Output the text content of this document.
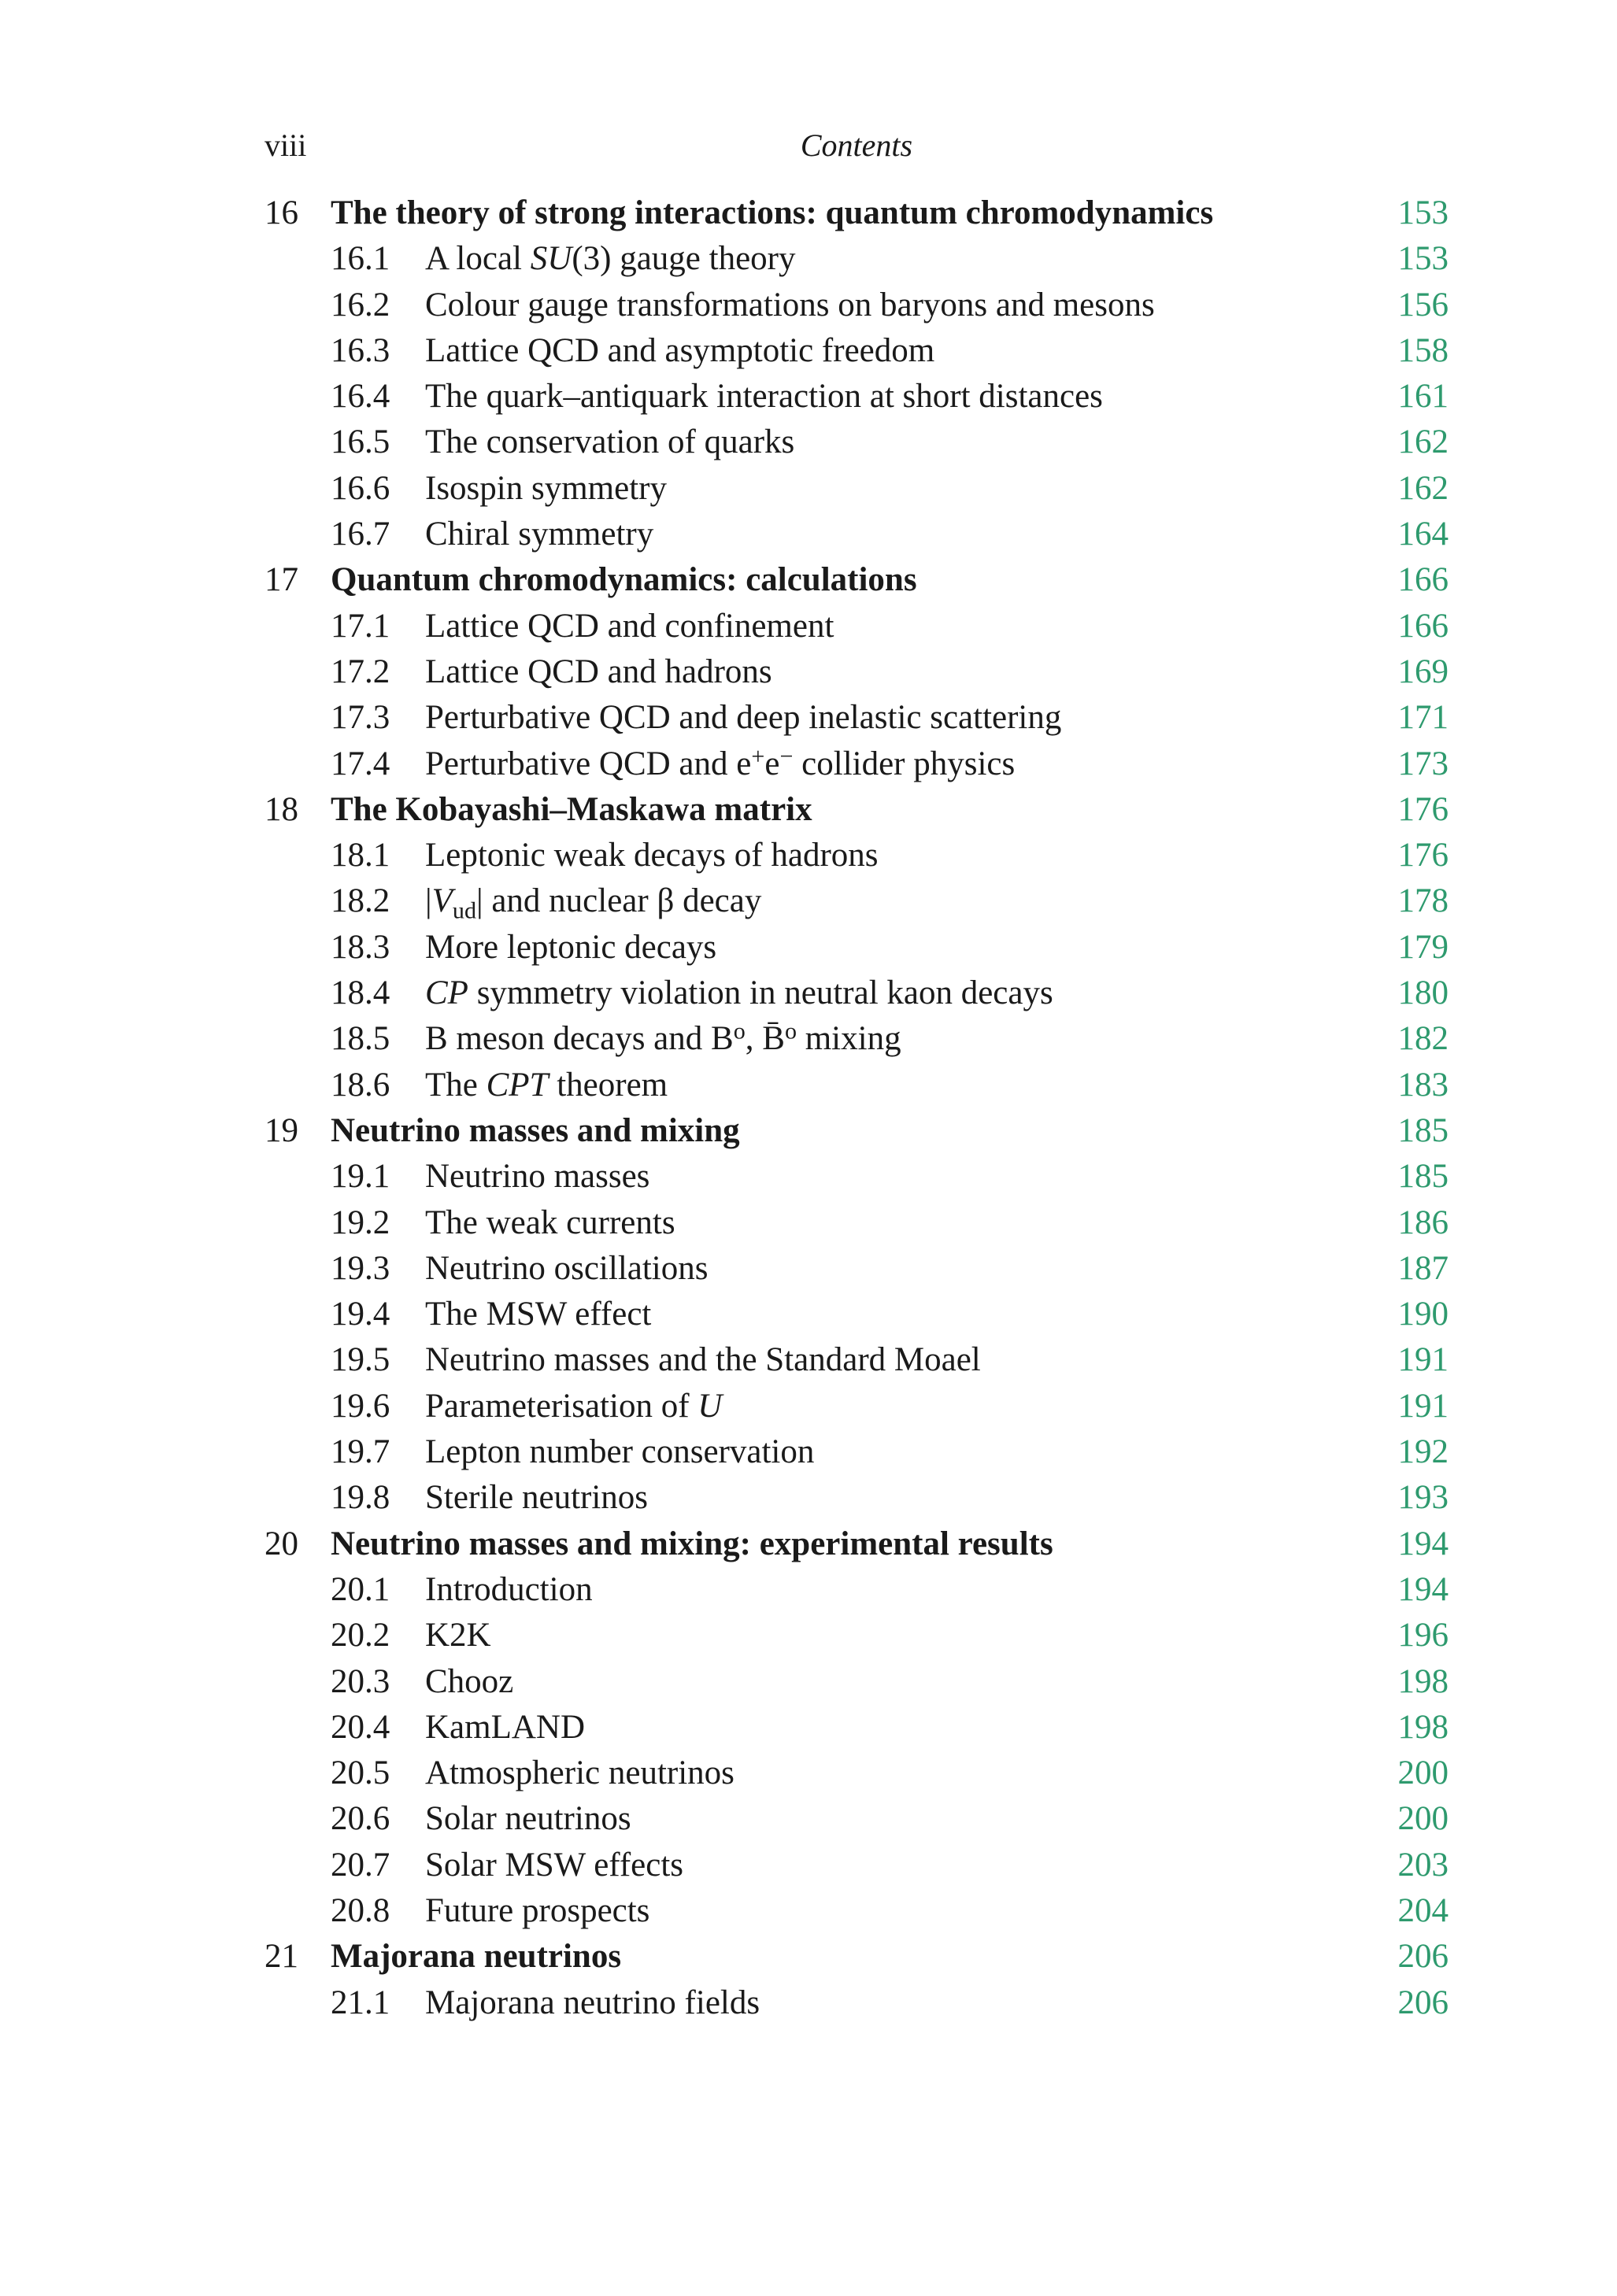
viii	Contents
16 The theory of strong interactions: quantum chromodynamics	153
16.1 A local SU(3) gauge theory	153
16.2 Colour gauge transformations on baryons and mesons	156
16.3 Lattice QCD and asymptotic freedom	158
16.4 The quark–antiquark interaction at short distances	161
16.5 The conservation of quarks	162
16.6 Isospin symmetry	162
16.7 Chiral symmetry	164
17 Quantum chromodynamics: calculations	166
17.1 Lattice QCD and confinement	166
17.2 Lattice QCD and hadrons	169
17.3 Perturbative QCD and deep inelastic scattering	171
17.4 Perturbative QCD and e+e− collider physics	173
18 The Kobayashi–Maskawa matrix	176
18.1 Leptonic weak decays of hadrons	176
18.2 $|V_{ud}|$ and nuclear β decay	178
18.3 More leptonic decays	179
18.4 CP symmetry violation in neutral kaon decays	180
18.5 B meson decays and $B^o$, B̄$^o$ mixing	182
18.6 The CPT theorem	183
19 Neutrino masses and mixing	185
19.1 Neutrino masses	185
19.2 The weak currents	186
19.3 Neutrino oscillations	187
19.4 The MSW effect	190
19.5 Neutrino masses and the Standard Moael	191
19.6 Parameterisation of U	191
19.7 Lepton number conservation	192
19.8 Sterile neutrinos	193
20 Neutrino masses and mixing: experimental results	194
20.1 Introduction	194
20.2 K2K	196
20.3 Chooz	198
20.4 KamLAND	198
20.5 Atmospheric neutrinos	200
20.6 Solar neutrinos	200
20.7 Solar MSW effects	203
20.8 Future prospects	204
21 Majorana neutrinos	206
21.1 Majorana neutrino fields	206
